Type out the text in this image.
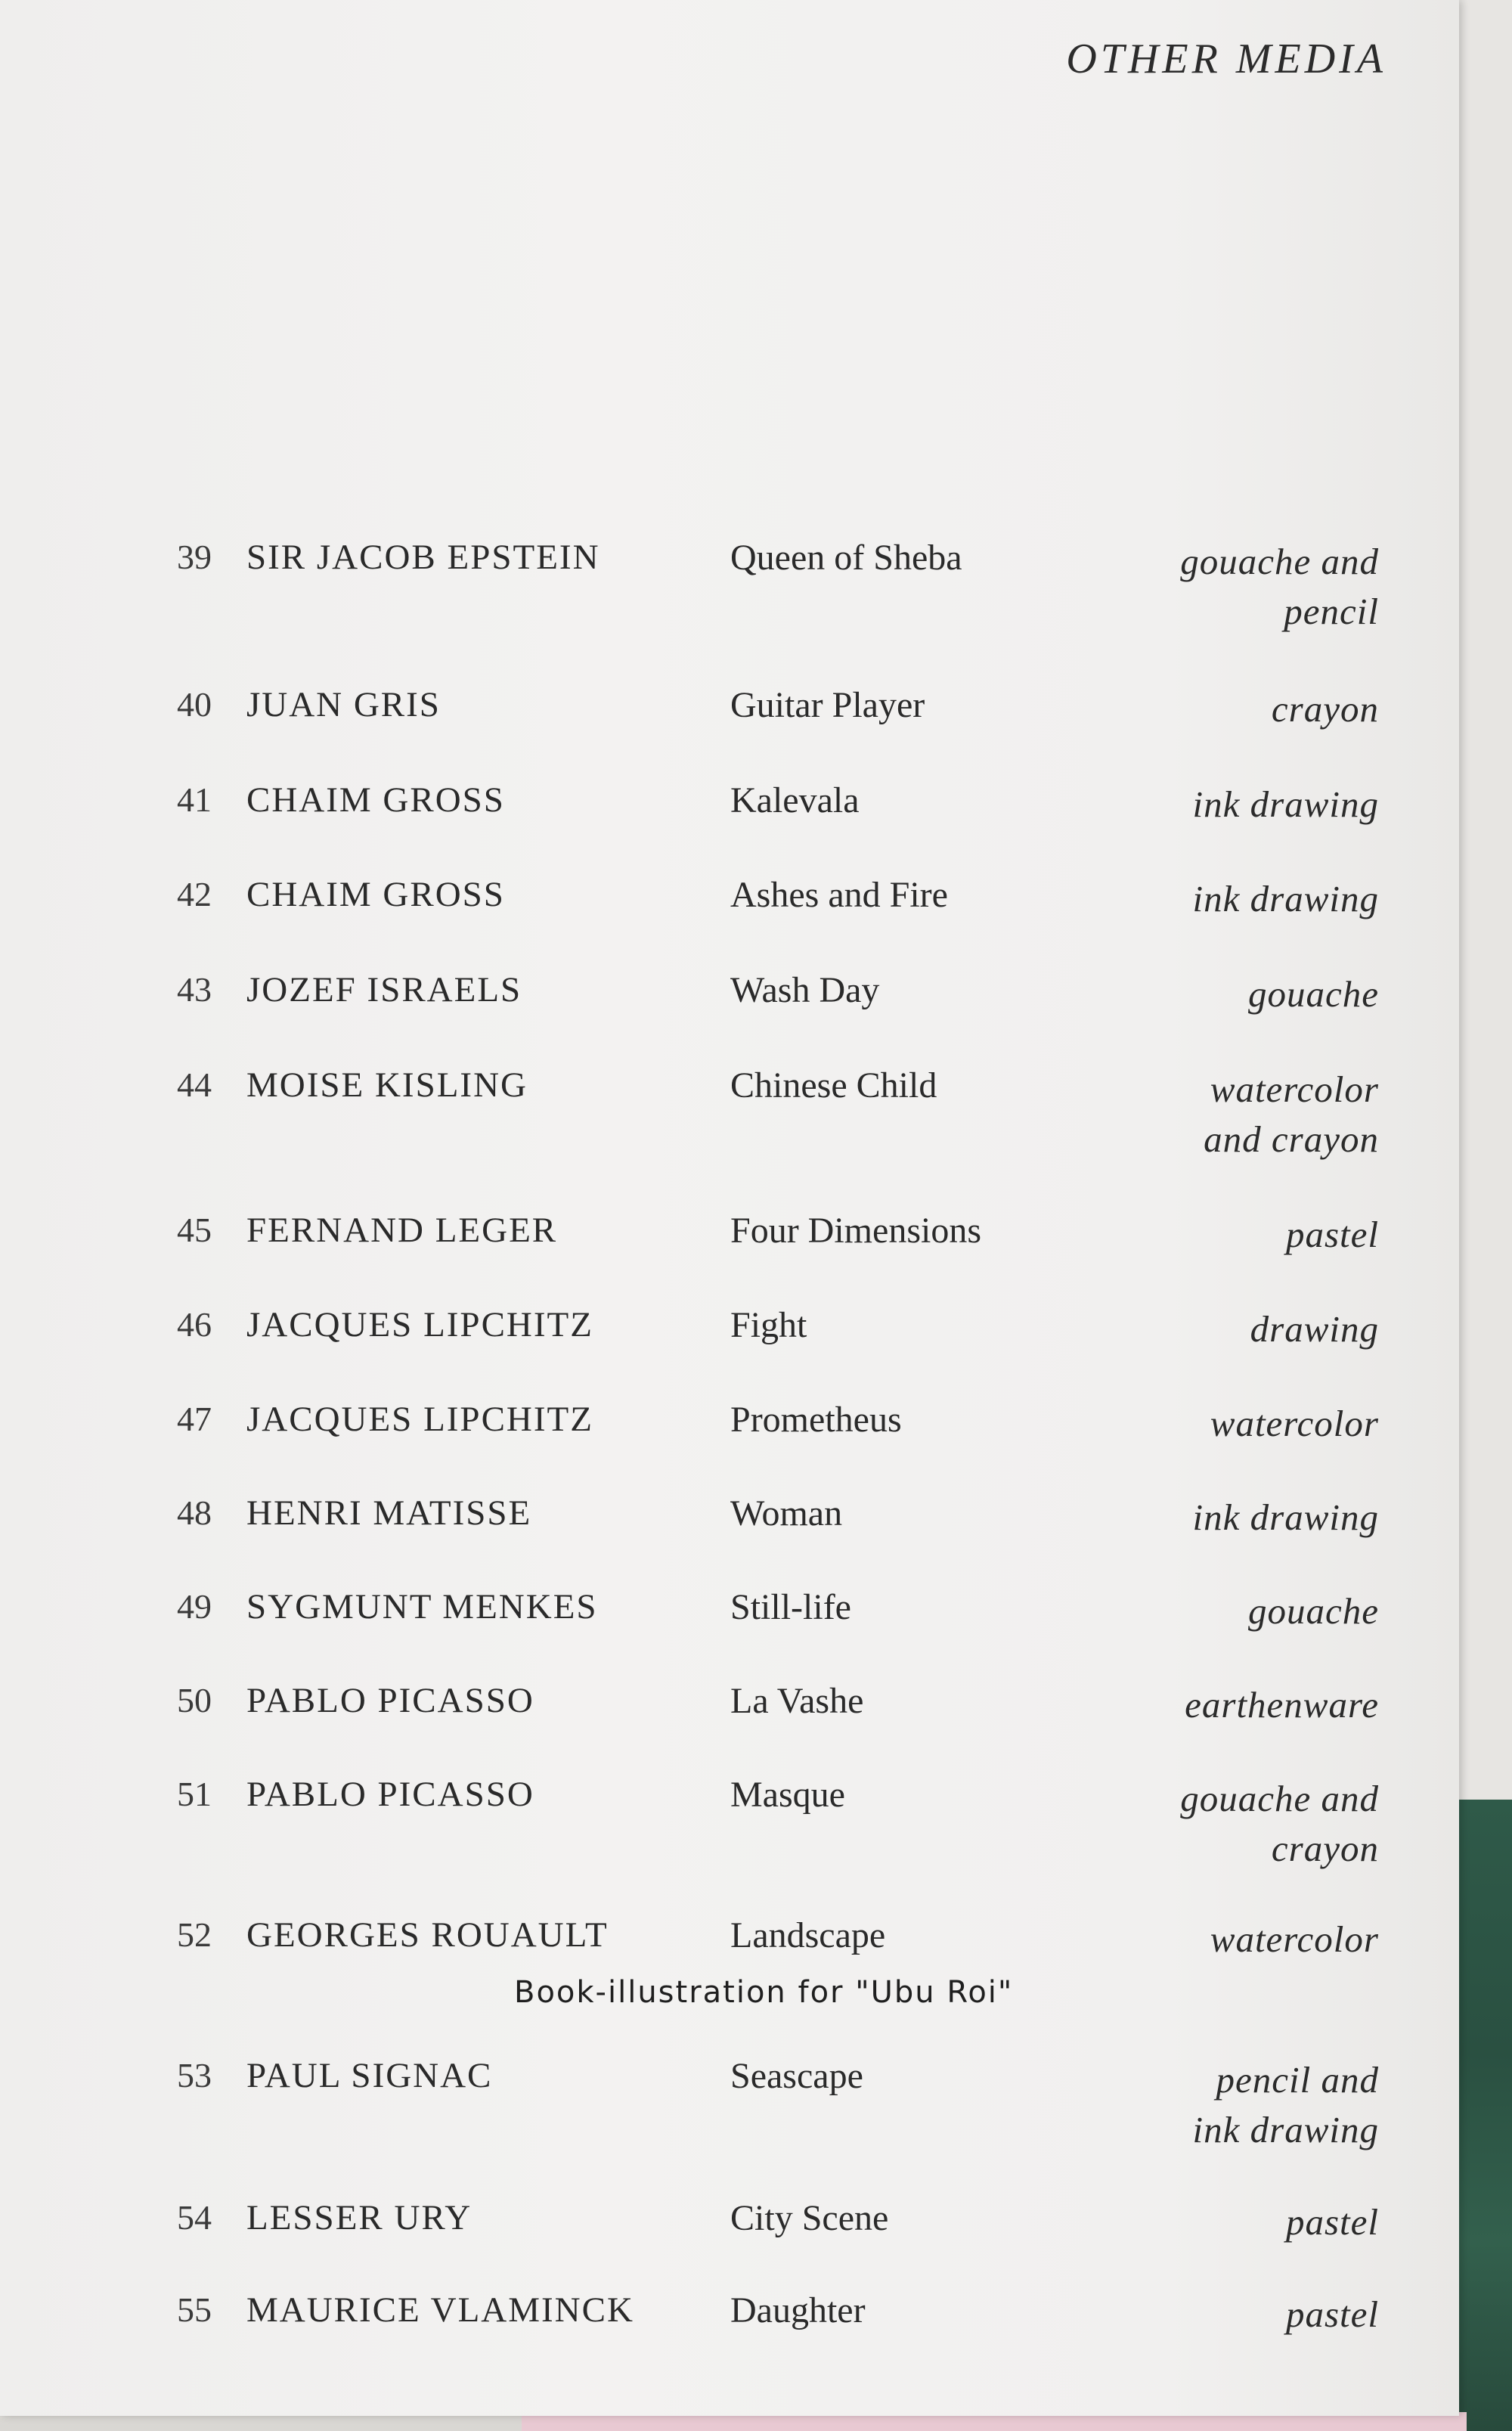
OTHER MEDIA
39 SIR JACOB EPSTEIN	Queen of Sheba	gouache and
pencil
40 JUAN GRIS	Guitar Player	crayon
41 CHAIM GROSS	Kalevala	ink drawing
42 CHAIM GROSS	Ashes and Fire	ink drawing
43 JOZEF ISRAELS	Wash Day	gouache
44 MOISE KISLING	Chinese Child	watercolor
and crayon
45 FERNAND LEGER	Four Dimensions	pastel
46 JACQUES LIPCHITZ	Fight	drawing
47 JACQUES LIPCHITZ	Prometheus	watercolor
48 HENRI MATISSE	Woman	ink drawing
49 SYGMUNT MENKES	Still-life	gouache
50 PABLO PICASSO	La Vashe	earthenware
51 PABLO PICASSO	Masque	gouache and
crayon
52 GEORGES ROUAULT	Landscape	watercolor
Book-illustration for "Ubu Roi"
53 PAUL SIGNAC	Seascape	pencil and
ink drawing
54 LESSER URY	City Scene	pastel
55 MAURICE VLAMINCK	Daughter	pastel
